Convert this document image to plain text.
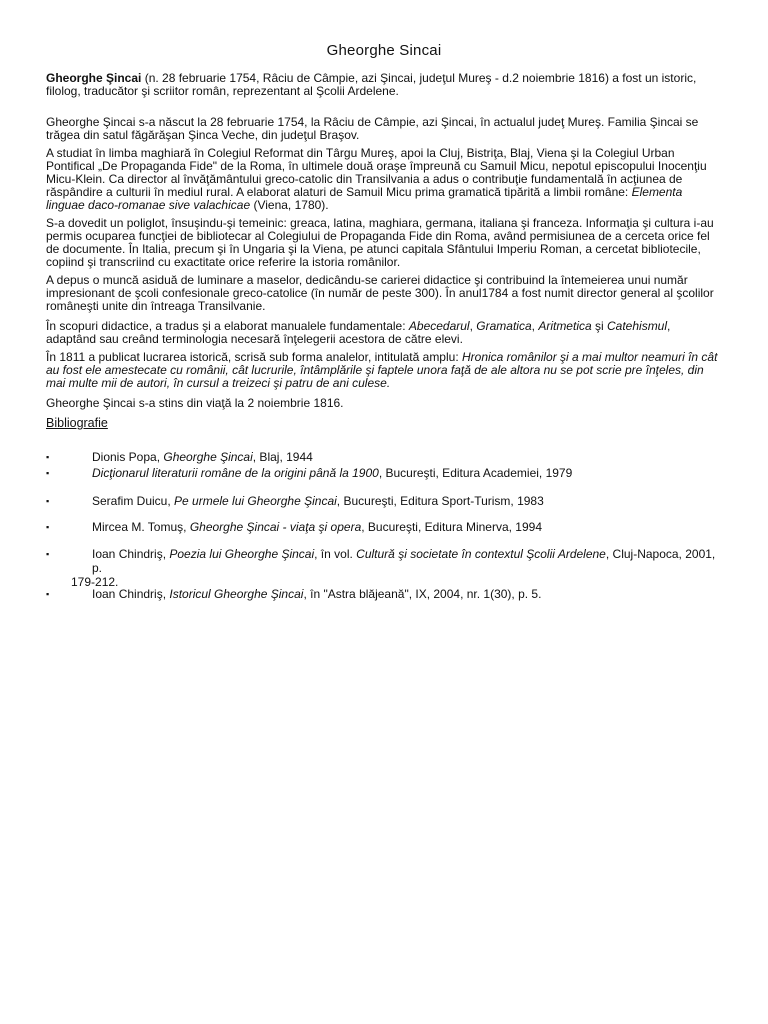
Gheorghe Sincai

Gheorghe Şincai (n. 28 februarie 1754, Râciu de Câmpie, azi Şincai, judeţul Mureş - d.2 noiembrie 1816) a fost un istoric, filolog, traducător şi scriitor român, reprezentant al Şcolii Ardelene.

Gheorghe Şincai s-a născut la 28 februarie 1754, la Râciu de Câmpie, azi Şincai, în actualul judeţ Mureş. Familia Şincai se trăgea din satul făgărăşan Şinca Veche, din judeţul Braşov.

A studiat în limba maghiară în Colegiul Reformat din Târgu Mureş, apoi la Cluj, Bistriţa, Blaj, Viena şi la Colegiul Urban Pontifical „De Propaganda Fide" de la Roma, în ultimele două oraşe împreună cu Samuil Micu, nepotul episcopului Inocenţiu Micu-Klein. Ca director al învăţământului greco-catolic din Transilvania a adus o contribuţie fundamentală în acţiunea de răspândire a culturii în mediul rural. A elaborat alaturi de Samuil Micu prima gramatică tipărită a limbii române: Elementa linguae daco-romanae sive valachicae (Viena, 1780).

S-a dovedit un poliglot, însuşindu-şi temeinic: greaca, latina, maghiara, germana, italiana şi franceza. Informaţia şi cultura i-au permis ocuparea funcţiei de bibliotecar al Colegiului de Propaganda Fide din Roma, având permisiunea de a cerceta orice fel de documente. În Italia, precum şi în Ungaria şi la Viena, pe atunci capitala Sfântului Imperiu Roman, a cercetat bibliotecile, copiind şi transcriind cu exactitate orice referire la istoria românilor.

A depus o muncă asiduă de luminare a maselor, dedicându-se carierei didactice şi contribuind la întemeierea unui număr impresionant de şcoli confesionale greco-catolice (în număr de peste 300). În anul1784 a fost numit director general al şcolilor româneşti unite din întreaga Transilvanie.

În scopuri didactice, a tradus şi a elaborat manualele fundamentale: Abecedarul, Gramatica, Aritmetica şi Catehismul, adaptând sau creând terminologia necesară înţelegerii acestora de către elevi.

În 1811 a publicat lucrarea istorică, scrisă sub forma analelor, intitulată amplu: Hronica românilor şi a mai multor neamuri în cât au fost ele amestecate cu românii, cât lucrurile, întâmplările şi faptele unora faţă de ale altora nu se pot scrie pre înţeles, din mai multe mii de autori, în cursul a treizeci şi patru de ani culese.

Gheorghe Şincai s-a stins din viaţă la 2 noiembrie 1816.

Bibliografie
▪	Dionis Popa, Gheorghe Şincai, Blaj, 1944
▪	Dicţionarul literaturii române de la origini până la 1900, Bucureşti, Editura Academiei, 1979
▪	Serafim Duicu, Pe urmele lui Gheorghe Şincai, Bucureşti, Editura Sport-Turism, 1983
▪	Mircea M. Tomuş, Gheorghe Şincai - viaţa şi opera, Bucureşti, Editura Minerva, 1994
▪	Ioan Chindriş, Poezia lui Gheorghe Şincai, în vol. Cultură şi societate în contextul Şcolii Ardelene, Cluj-Napoca, 2001, p.
179-212.
▪	Ioan Chindriş, Istoricul Gheorghe Şincai, în "Astra blăjeană", IX, 2004, nr. 1(30), p. 5.
